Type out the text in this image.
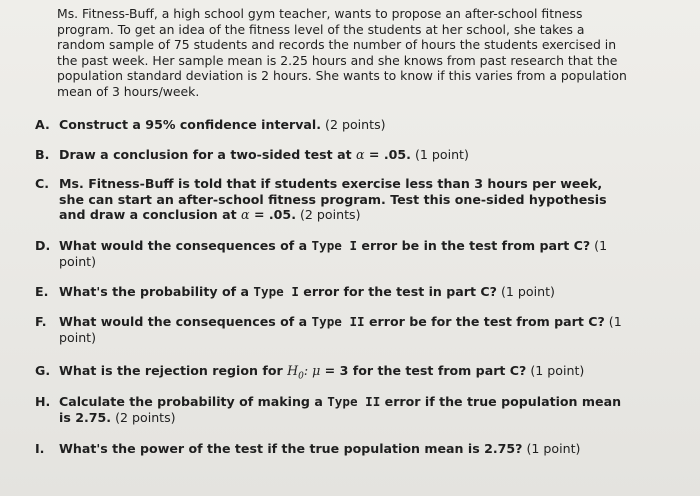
Ms. Fitness-Buff, a high school gym teacher, wants to propose an after-school fitness program. To get an idea of the fitness level of the students at her school, she takes a random sample of 75 students and records the number of hours the students exercised in the past week. Her sample mean is 2.25 hours and she knows from past research that the population standard deviation is 2 hours. She wants to know if this varies from a population mean of 3 hours/week.
A. Construct a 95% confidence interval. (2 points)
B. Draw a conclusion for a two-sided test at α = .05. (1 point)
C. Ms. Fitness-Buff is told that if students exercise less than 3 hours per week, she can start an after-school fitness program. Test this one-sided hypothesis and draw a conclusion at α = .05. (2 points)
D. What would the consequences of a Type I error be in the test from part C? (1 point)
E. What's the probability of a Type I error for the test in part C? (1 point)
F. What would the consequences of a Type II error be for the test from part C? (1 point)
G. What is the rejection region for $H_0$: μ = 3 for the test from part C? (1 point)
H. Calculate the probability of making a Type II error if the true population mean is 2.75. (2 points)
I.	What's the power of the test if the true population mean is 2.75? (1 point)
